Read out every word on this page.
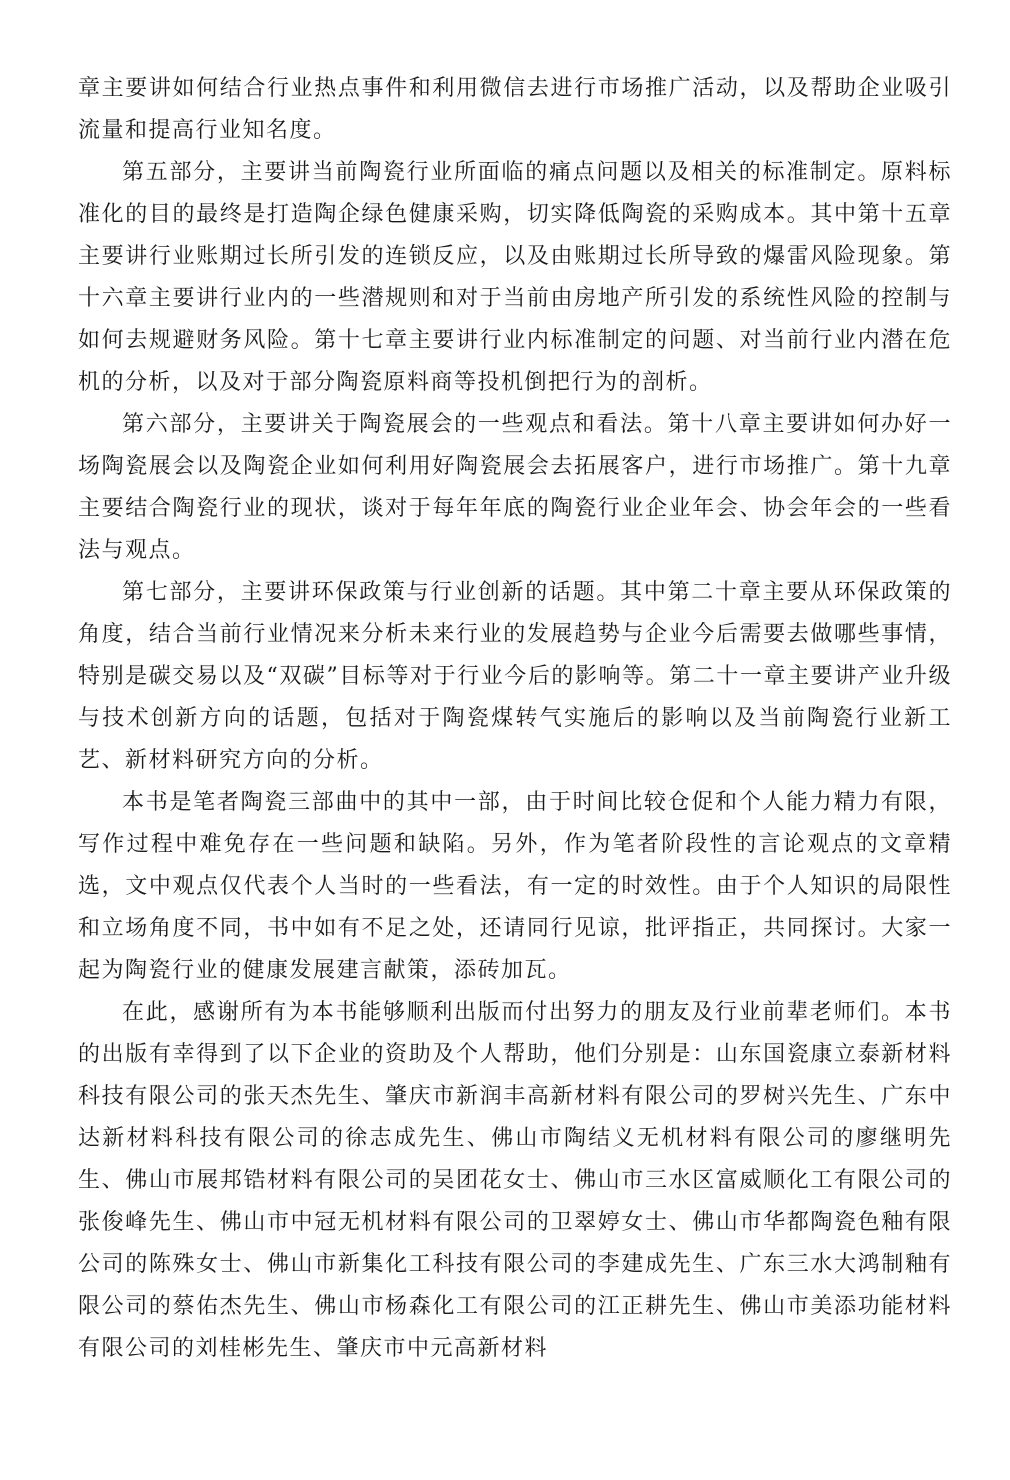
章主要讲如何结合行业热点事件和利用微信去进行市场推广活动，以及帮助企业吸引流量和提高行业知名度。

第五部分，主要讲当前陶瓷行业所面临的痛点问题以及相关的标准制定。原料标准化的目的最终是打造陶企绿色健康采购，切实降低陶瓷的采购成本。其中第十五章主要讲行业账期过长所引发的连锁反应，以及由账期过长所导致的爆雷风险现象。第十六章主要讲行业内的一些潜规则和对于当前由房地产所引发的系统性风险的控制与如何去规避财务风险。第十七章主要讲行业内标准制定的问题、对当前行业内潜在危机的分析，以及对于部分陶瓷原料商等投机倒把行为的剖析。

第六部分，主要讲关于陶瓷展会的一些观点和看法。第十八章主要讲如何办好一场陶瓷展会以及陶瓷企业如何利用好陶瓷展会去拓展客户，进行市场推广。第十九章主要结合陶瓷行业的现状，谈对于每年年底的陶瓷行业企业年会、协会年会的一些看法与观点。

第七部分，主要讲环保政策与行业创新的话题。其中第二十章主要从环保政策的角度，结合当前行业情况来分析未来行业的发展趋势与企业今后需要去做哪些事情，特别是碳交易以及“双碳”目标等对于行业今后的影响等。第二十一章主要讲产业升级与技术创新方向的话题，包括对于陶瓷煤转气实施后的影响以及当前陶瓷行业新工艺、新材料研究方向的分析。

本书是笔者陶瓷三部曲中的其中一部，由于时间比较仓促和个人能力精力有限，写作过程中难免存在一些问题和缺陷。另外，作为笔者阶段性的言论观点的文章精选，文中观点仅代表个人当时的一些看法，有一定的时效性。由于个人知识的局限性和立场角度不同，书中如有不足之处，还请同行见谅，批评指正，共同探讨。大家一起为陶瓷行业的健康发展建言献策，添砖加瓦。

在此，感谢所有为本书能够顺利出版而付出努力的朋友及行业前辈老师们。本书的出版有幸得到了以下企业的资助及个人帮助，他们分别是：山东国瓷康立泰新材料科技有限公司的张天杰先生、肇庆市新润丰高新材料有限公司的罗树兴先生、广东中达新材料科技有限公司的徐志成先生、佛山市陶结义无机材料有限公司的廖继明先生、佛山市展邦锆材料有限公司的吴团花女士、佛山市三水区富威顺化工有限公司的张俊峰先生、佛山市中冠无机材料有限公司的卫翠婷女士、佛山市华都陶瓷色釉有限公司的陈殊女士、佛山市新集化工科技有限公司的李建成先生、广东三水大鸿制釉有限公司的蔡佑杰先生、佛山市杨森化工有限公司的江正耕先生、佛山市美添功能材料有限公司的刘桂彬先生、肇庆市中元高新材料
